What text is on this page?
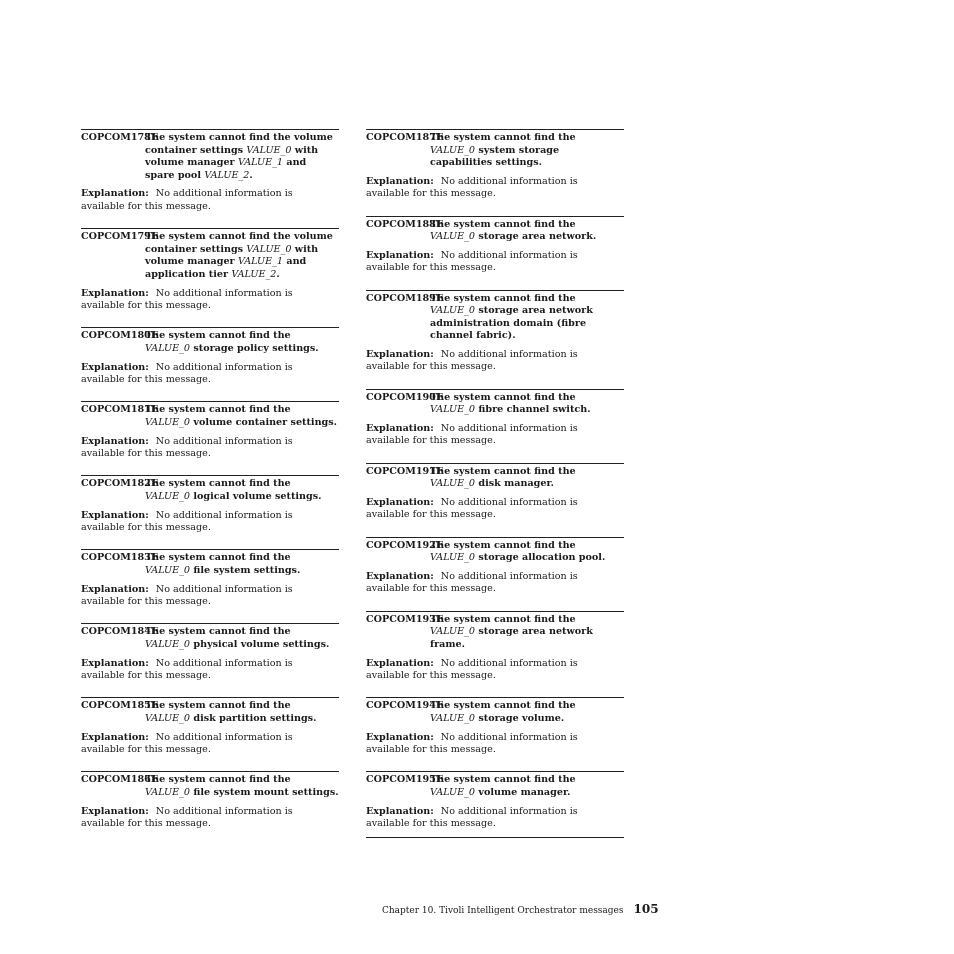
COPCOM178E
The system cannot find the volume container settings VALUE_0 with volume manager VALUE_1 and spare pool VALUE_2.
Explanation: No additional information is available for this message.
COPCOM179E
The system cannot find the volume container settings VALUE_0 with volume manager VALUE_1 and application tier VALUE_2.
Explanation: No additional information is available for this message.
COPCOM180E
The system cannot find the VALUE_0 storage policy settings.
Explanation: No additional information is available for this message.
COPCOM181E
The system cannot find the VALUE_0 volume container settings.
Explanation: No additional information is available for this message.
COPCOM182E
The system cannot find the VALUE_0 logical volume settings.
Explanation: No additional information is available for this message.
COPCOM183E
The system cannot find the VALUE_0 file system settings.
Explanation: No additional information is available for this message.
COPCOM184E
The system cannot find the VALUE_0 physical volume settings.
Explanation: No additional information is available for this message.
COPCOM185E
The system cannot find the VALUE_0 disk partition settings.
Explanation: No additional information is available for this message.
COPCOM186E
The system cannot find the VALUE_0 file system mount settings.
Explanation: No additional information is available for this message.
COPCOM187E
The system cannot find the VALUE_0 system storage capabilities settings.
Explanation: No additional information is available for this message.
COPCOM188E
The system cannot find the VALUE_0 storage area network.
Explanation: No additional information is available for this message.
COPCOM189E
The system cannot find the VALUE_0 storage area network administration domain (fibre channel fabric).
Explanation: No additional information is available for this message.
COPCOM190E
The system cannot find the VALUE_0 fibre channel switch.
Explanation: No additional information is available for this message.
COPCOM191E
The system cannot find the VALUE_0 disk manager.
Explanation: No additional information is available for this message.
COPCOM192E
The system cannot find the VALUE_0 storage allocation pool.
Explanation: No additional information is available for this message.
COPCOM193E
The system cannot find the VALUE_0 storage area network frame.
Explanation: No additional information is available for this message.
COPCOM194E
The system cannot find the VALUE_0 storage volume.
Explanation: No additional information is available for this message.
COPCOM195E
The system cannot find the VALUE_0 volume manager.
Explanation: No additional information is available for this message.
Chapter 10. Tivoli Intelligent Orchestrator messages 105
